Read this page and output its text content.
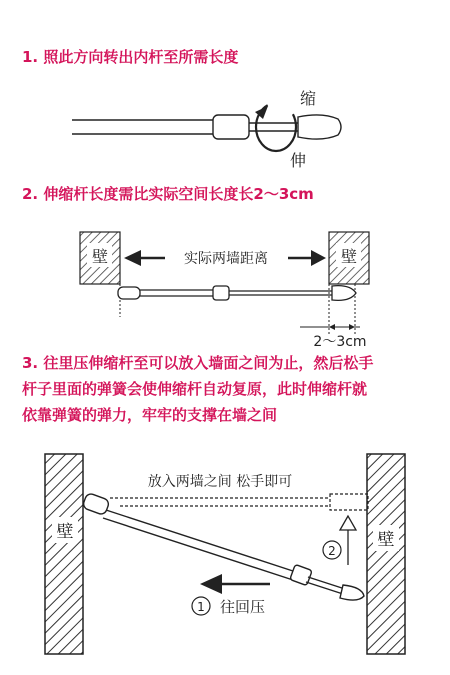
1. 照此方向转出内杆至所需长度

缩
伸

2. 伸缩杆长度需比实际空间长度长2～3cm

壁	壁
实际两墙距离
2～3cm
3. 往里压伸缩杆至可以放入墙面之间为止，然后松手
杆子里面的弹簧会使伸缩杆自动复原，此时伸缩杆就
依靠弹簧的弹力，牢牢的支撑在墙之间
壁	壁
放入两墙之间 松手即可
2
1 往回压
